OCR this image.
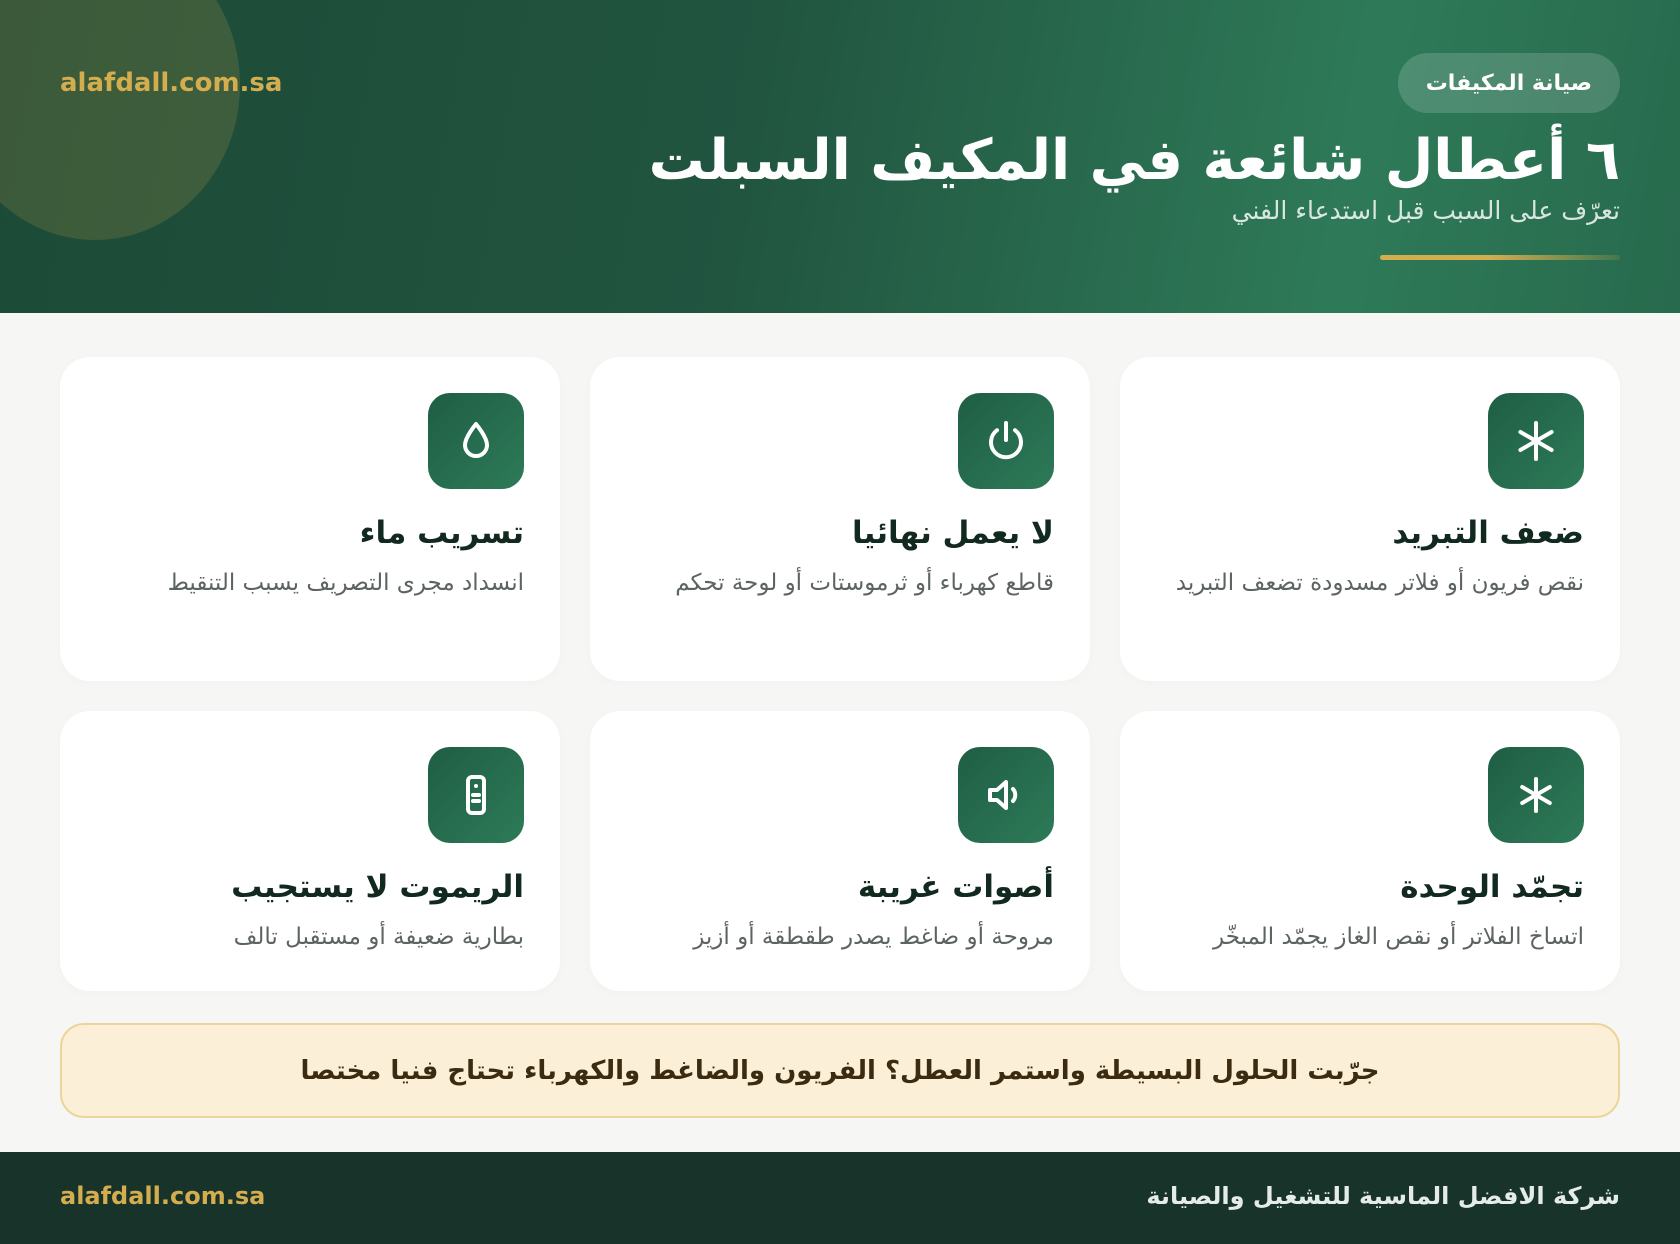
alafdall.com.sa	صيانة المكيفات
٦ أعطال شائعة في المكيف السبلت
تعرّف على السبب قبل استدعاء الفني
ضعف التبريد
نقص فريون أو فلاتر مسدودة تضعف التبريد
لا يعمل نهائيا
قاطع كهرباء أو ثرموستات أو لوحة تحكم
تسريب ماء
انسداد مجرى التصريف يسبب التنقيط
تجمّد الوحدة
اتساخ الفلاتر أو نقص الغاز يجمّد المبخّر
أصوات غريبة
مروحة أو ضاغط يصدر طقطقة أو أزيز
الريموت لا يستجيب
بطارية ضعيفة أو مستقبل تالف
جرّبت الحلول البسيطة واستمر العطل؟ الفريون والضاغط والكهرباء تحتاج فنيا مختصا
شركة الافضل الماسية للتشغيل والصيانة
alafdall.com.sa
